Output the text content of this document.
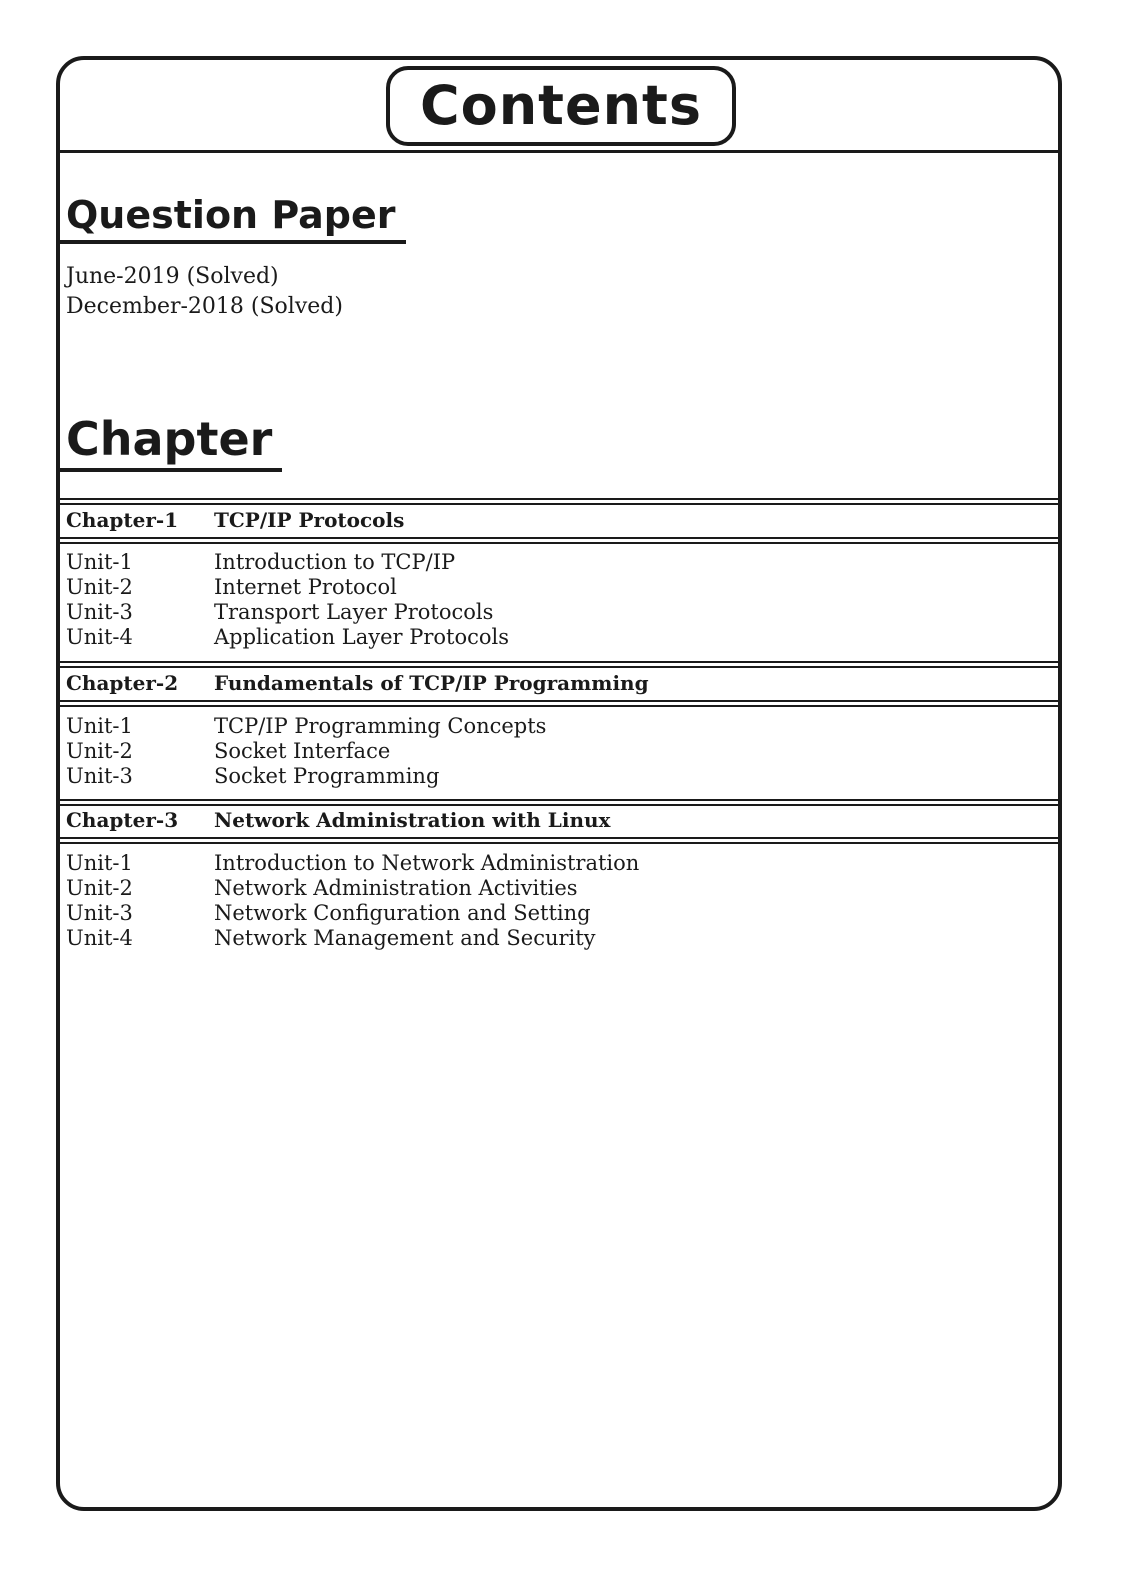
Contents
Question Paper
June-2019 (Solved)
December-2018 (Solved)
Chapter
Chapter-1 TCP/IP Protocols
Unit-1	Introduction to TCP/IP
Unit-2	Internet Protocol
Unit-3	Transport Layer Protocols
Unit-4	Application Layer Protocols
Chapter-2 Fundamentals of TCP/IP Programming
Unit-1	TCP/IP Programming Concepts
Unit-2	Socket Interface
Unit-3	Socket Programming
Chapter-3 Network Administration with Linux
Unit-1	Introduction to Network Administration
Unit-2	Network Administration Activities
Unit-3	Network Configuration and Setting
Unit-4	Network Management and Security
